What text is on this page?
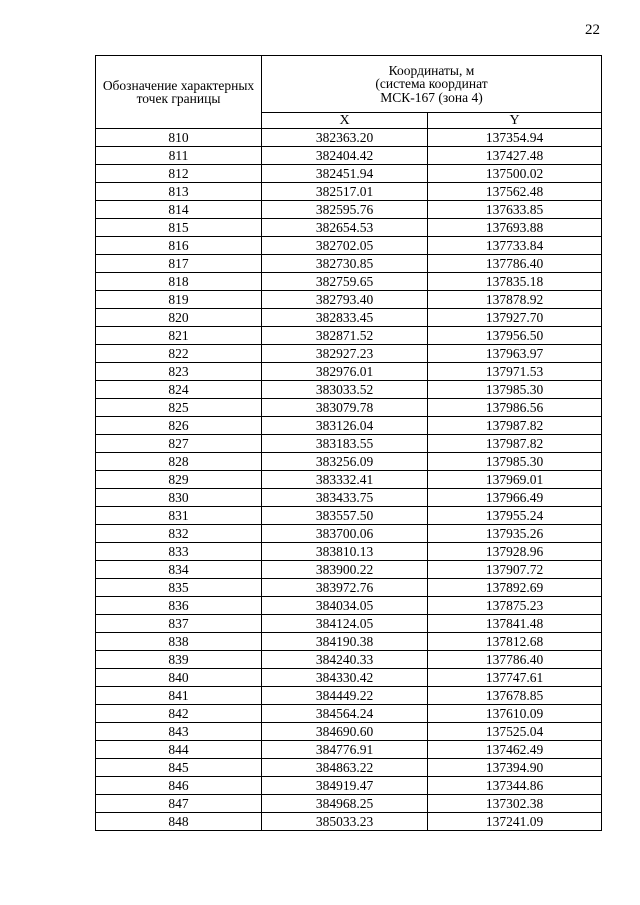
22
Обозначение характерных точек границы	Координаты, м
(система координат
МСК-167 (зона 4)	

	X	Y
810	382363.20	137354.94
811	382404.42	137427.48
812	382451.94	137500.02
813	382517.01	137562.48
814	382595.76	137633.85
815	382654.53	137693.88
816	382702.05	137733.84
817	382730.85	137786.40
818	382759.65	137835.18
819	382793.40	137878.92
820	382833.45	137927.70
821	382871.52	137956.50
822	382927.23	137963.97
823	382976.01	137971.53
824	383033.52	137985.30
825	383079.78	137986.56
826	383126.04	137987.82
827	383183.55	137987.82
828	383256.09	137985.30
829	383332.41	137969.01
830	383433.75	137966.49
831	383557.50	137955.24
832	383700.06	137935.26
833	383810.13	137928.96
834	383900.22	137907.72
835	383972.76	137892.69
836	384034.05	137875.23
837	384124.05	137841.48
838	384190.38	137812.68
839	384240.33	137786.40
840	384330.42	137747.61
841	384449.22	137678.85
842	384564.24	137610.09
843	384690.60	137525.04
844	384776.91	137462.49
845	384863.22	137394.90
846	384919.47	137344.86
847	384968.25	137302.38
848	385033.23	137241.09
